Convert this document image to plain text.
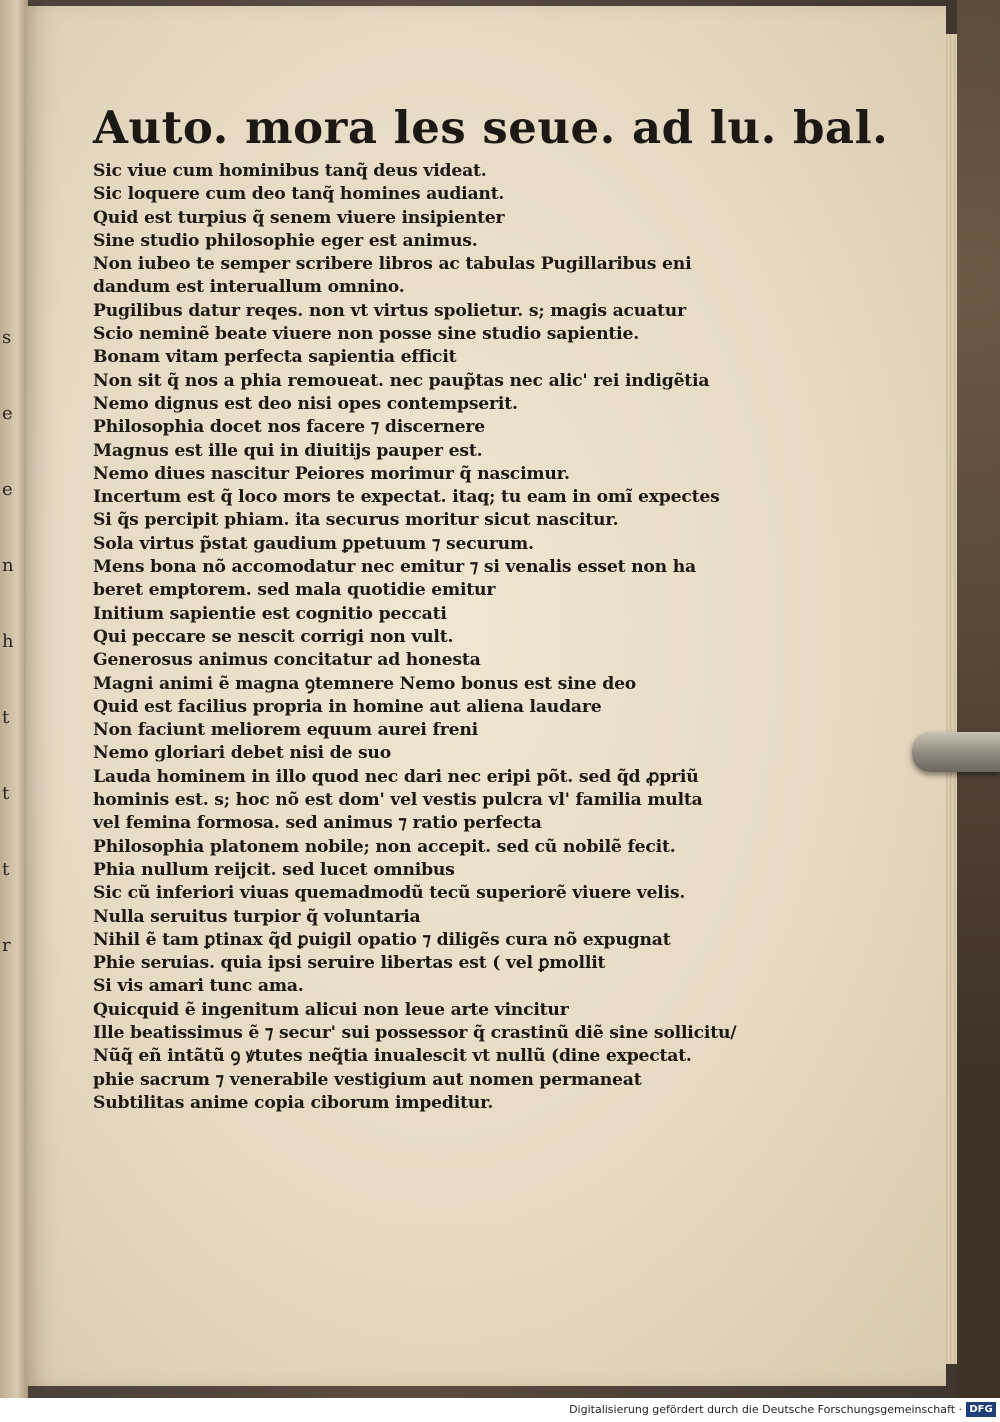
s
e
e
n
h
t
t
t
r
Auto. mora les seue. ad lu. bal.
Sic viue cum hominibus tanq̃ deus videat.
Sic loquere cum deo tanq̃ homines audiant.
Quid est turpius q̃ senem viuere insipienter
Sine studio philosophie eger est animus.
Non iubeo te semper scribere libros ac tabulas Pugillaribus eni
dandum est interuallum omnino.
Pugilibus datur reqes. non vt virtus spolietur. s; magis acuatur
Scio neminẽ beate viuere non posse sine studio sapientie.
Bonam vitam perfecta sapientia efficit
Non sit q̃ nos a phia remoueat. nec paup̃tas nec alic' rei indigẽtia
Nemo dignus est deo nisi opes contempserit.
Philosophia docet nos facere ⁊ discernere
Magnus est ille qui in diuitijs pauper est.
Nemo diues nascitur Peiores morimur q̃ nascimur.
Incertum est q̃ loco mors te expectat. itaq; tu eam in omĩ expectes
Si q̃s percipit phiam. ita securus moritur sicut nascitur.
Sola virtus p̃stat gaudium ꝑpetuum ⁊ securum.
Mens bona nõ accomodatur nec emitur ⁊ si venalis esset non ha
beret emptorem. sed mala quotidie emitur
Initium sapientie est cognitio peccati
Qui peccare se nescit corrigi non vult.
Generosus animus concitatur ad honesta
Magni animi ẽ magna ꝯtemnere Nemo bonus est sine deo
Quid est facilius propria in homine aut aliena laudare
Non faciunt meliorem equum aurei freni
Nemo gloriari debet nisi de suo
Lauda hominem in illo quod nec dari nec eripi põt. sed q̃d ꝓpriũ
hominis est. s; hoc nõ est dom' vel vestis pulcra vl' familia multa
vel femina formosa. sed animus ⁊ ratio perfecta
Philosophia platonem nobile; non accepit. sed cũ nobilẽ fecit.
Phia nullum reijcit. sed lucet omnibus
Sic cũ inferiori viuas quemadmodũ tecũ superiorẽ viuere velis.
Nulla seruitus turpior q̃ voluntaria
Nihil ẽ tam ꝑtinax q̃d ꝑuigil opatio ⁊ diligẽs cura nõ expugnat
Phie seruias. quia ipsi seruire libertas est ( vel ꝑmollit
Si vis amari tunc ama.
Quicquid ẽ ingenitum alicui non leue arte vincitur
Ille beatissimus ẽ ⁊ secur' sui possessor q̃ crastinũ diẽ sine sollicitu/
Nũq̃ eñ intãtũ ꝯ ꝟtutes neq̃tia inualescit vt nullũ (dine expectat.
phie sacrum ⁊ venerabile vestigium aut nomen permaneat
Subtilitas anime copia ciborum impeditur.
Digitalisierung gefördert durch die Deutsche Forschungsgemeinschaft · DFG
